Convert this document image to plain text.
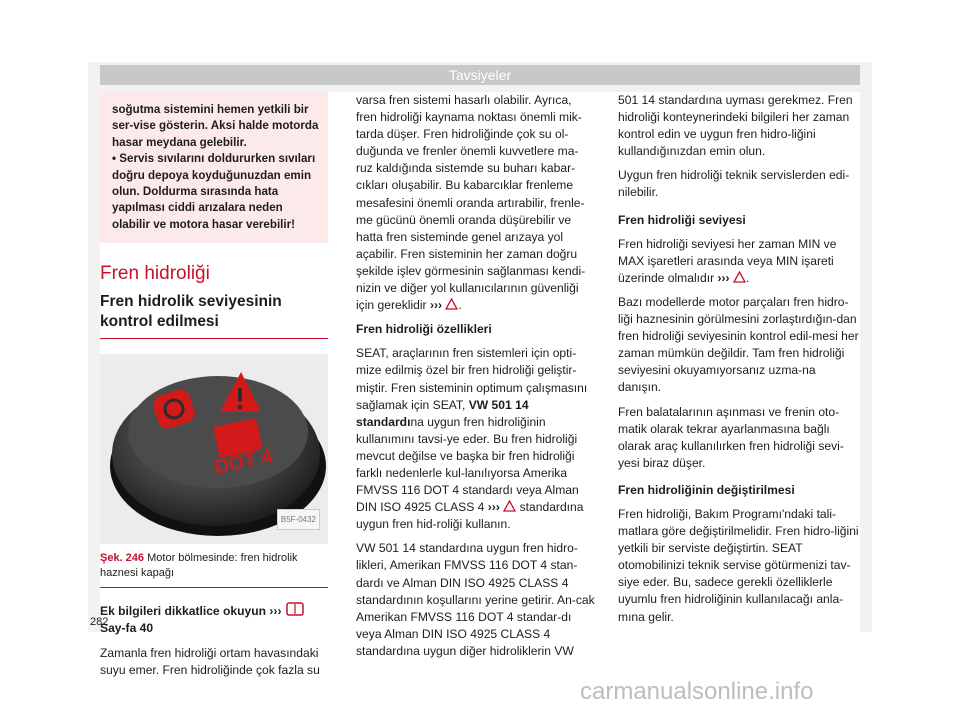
Tavsiyeler

soğutma sistemini hemen yetkili bir ser-vise gösterin. Aksi halde motorda hasar meydana gelebilir.

• Servis sıvılarını doldururken sıvıları doğru depoya koyduğunuzdan emin olun. Doldurma sırasında hata yapılması ciddi arızalara neden olabilir ve motora hasar verebilir!

Fren hidroliği
Fren hidrolik seviyesinin kontrol edilmesi
DOT 4
B5F-0432
Şek. 246 Motor bölmesinde: fren hidrolik haznesi kapağı

Ek bilgileri dikkatlice okuyun ›››  Say-fa 40

Zamanla fren hidroliği ortam havasındaki suyu emer. Fren hidroliğinde çok fazla su

varsa fren sistemi hasarlı olabilir. Ayrıca, fren hidroliği kaynama noktası önemli mik-tarda düşer. Fren hidroliğinde çok su ol-duğunda ve frenler önemli kuvvetlere ma-ruz kaldığında sistemde su buharı kabar-cıkları oluşabilir. Bu kabarcıklar frenleme mesafesini önemli oranda artırabilir, frenle-me gücünü önemli oranda düşürebilir ve hatta fren sisteminde genel arızaya yol açabilir. Fren sisteminin her zaman doğru şekilde işlev görmesinin sağlanması kendi-nizin ve diğer yol kullanıcılarının güvenliği için gereklidir ››› .

Fren hidroliği özellikleri

SEAT, araçlarının fren sistemleri için opti-mize edilmiş özel bir fren hidroliği geliştir-miştir. Fren sisteminin optimum çalışmasını sağlamak için SEAT, VW 501 14 standardına uygun fren hidroliğinin kullanımını tavsi-ye eder. Bu fren hidroliği mevcut değilse ve başka bir fren hidroliği farklı nedenlerle kul-lanılıyorsa Amerika FMVSS 116 DOT 4 standardı veya Alman DIN ISO 4925 CLASS 4 ››› standardına uygun fren hid-roliği kullanın.

VW 501 14 standardına uygun fren hidro-likleri, Amerikan FMVSS 116 DOT 4 stan-dardı ve Alman DIN ISO 4925 CLASS 4 standardının koşullarını yerine getirir. An-cak Amerikan FMVSS 116 DOT 4 standar-dı veya Alman DIN ISO 4925 CLASS 4 standardına uygun diğer hidroliklerin VW

501 14 standardına uyması gerekmez. Fren hidroliği konteynerindeki bilgileri her zaman kontrol edin ve uygun fren hidro-liğini kullandığınızdan emin olun.

Uygun fren hidroliği teknik servislerden edi-nilebilir.

Fren hidroliği seviyesi

Fren hidroliği seviyesi her zaman MIN ve MAX işaretleri arasında veya MIN işareti üzerinde olmalıdır ››› .

Bazı modellerde motor parçaları fren hidro-liği haznesinin görülmesini zorlaştırdığın-dan fren hidroliği seviyesinin kontrol edil-mesi her zaman mümkün değildir. Tam fren hidroliği seviyesini okuyamıyorsanız uzma-na danışın.

Fren balatalarının aşınması ve frenin oto-matik olarak tekrar ayarlanmasına bağlı olarak araç kullanılırken fren hidroliği sevi-yesi biraz düşer.

Fren hidroliğinin değiştirilmesi

Fren hidroliği, Bakım Programı'ndaki tali-matlara göre değiştirilmelidir. Fren hidro-liğini yetkili bir serviste değiştirtin. SEAT otomobilinizi teknik servise götürmenizi tav-siye eder. Bu, sadece gerekli özelliklerle uyumlu fren hidroliğinin kullanılacağı anla-mına gelir.

282
carmanualsonline.info
